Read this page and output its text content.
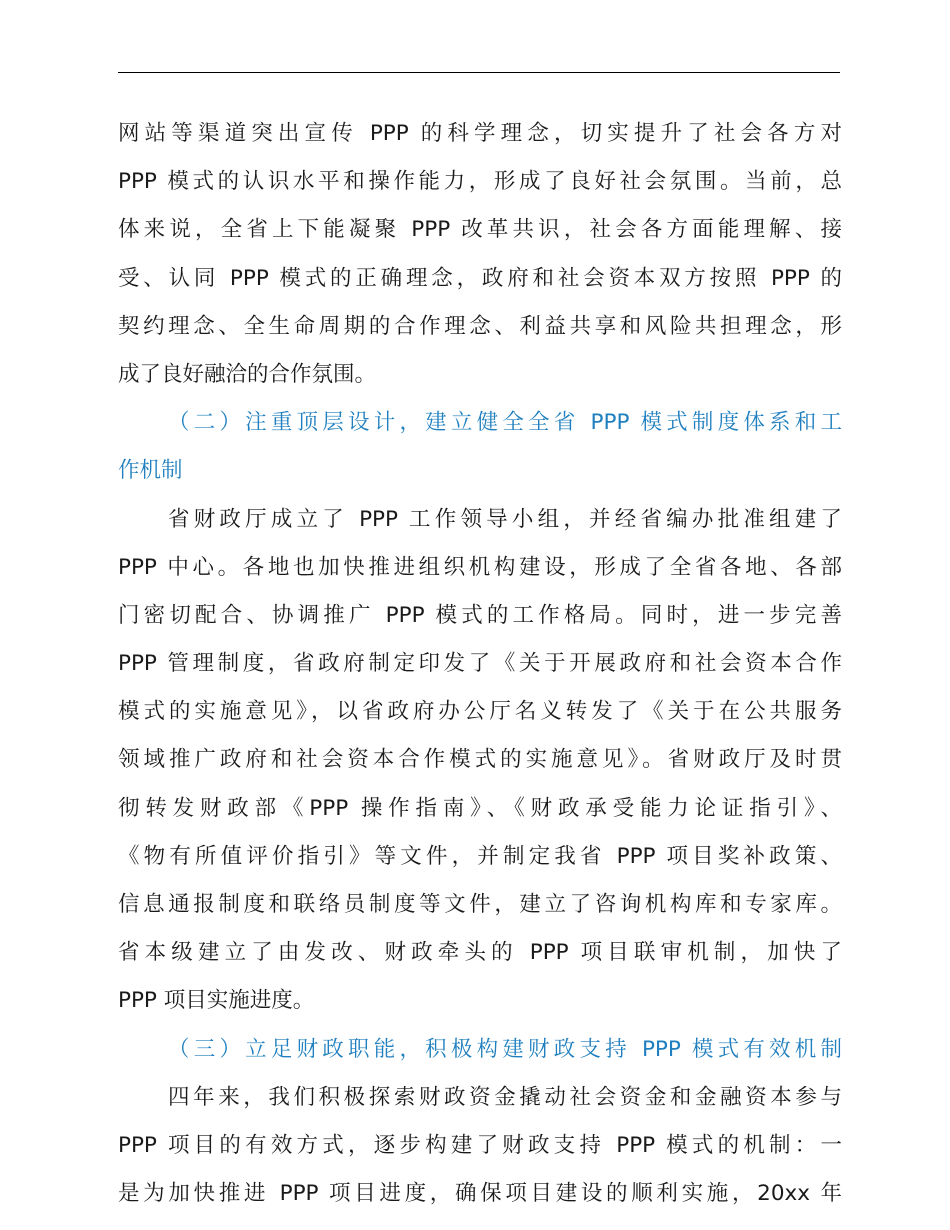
网站等渠道突出宣传 PPP 的科学理念，切实提升了社会各方对
PPP 模式的认识水平和操作能力，形成了良好社会氛围。当前，总
体来说，全省上下能凝聚 PPP 改革共识，社会各方面能理解、接
受、认同 PPP 模式的正确理念，政府和社会资本双方按照 PPP 的
契约理念、全生命周期的合作理念、利益共享和风险共担理念，形
成了良好融洽的合作氛围。
（二）注重顶层设计，建立健全全省 PPP 模式制度体系和工
作机制
省财政厅成立了 PPP 工作领导小组，并经省编办批准组建了
PPP 中心。各地也加快推进组织机构建设，形成了全省各地、各部
门密切配合、协调推广 PPP 模式的工作格局。同时，进一步完善
PPP 管理制度，省政府制定印发了《关于开展政府和社会资本合作
模式的实施意见》，以省政府办公厅名义转发了《关于在公共服务
领域推广政府和社会资本合作模式的实施意见》。省财政厅及时贯
彻转发财政部《PPP 操作指南》、《财政承受能力论证指引》、
《物有所值评价指引》等文件，并制定我省 PPP 项目奖补政策、
信息通报制度和联络员制度等文件，建立了咨询机构库和专家库。
省本级建立了由发改、财政牵头的 PPP 项目联审机制，加快了
PPP 项目实施进度。
（三）立足财政职能，积极构建财政支持 PPP 模式有效机制
四年来，我们积极探索财政资金撬动社会资金和金融资本参与
PPP 项目的有效方式，逐步构建了财政支持 PPP 模式的机制：一
是为加快推进 PPP 项目进度，确保项目建设的顺利实施，20xx 年
